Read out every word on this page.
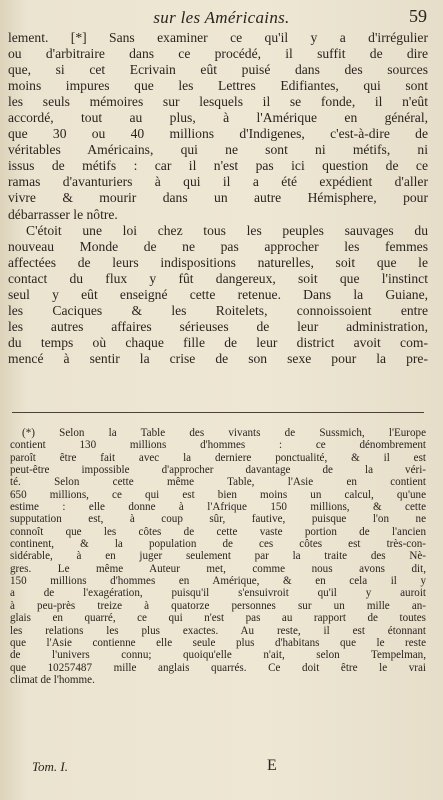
sur les Américains.	59
lement. [*] Sans examiner ce qu'il y a d'irrégulier
ou d'arbitraire dans ce procédé, il suffit de dire
que, si cet Ecrivain eût puisé dans des sources
moins impures que les Lettres Edifiantes, qui sont
les seuls mémoires sur lesquels il se fonde, il n'eût
accordé, tout au plus, à l'Amérique en général,
que 30 ou 40 millions d'Indigenes, c'est-à-dire de
véritables Américains, qui ne sont ni métifs, ni
issus de métifs : car il n'est pas ici question de ce
ramas d'avanturiers à qui il a été expédient d'aller
vivre & mourir dans un autre Hémisphere, pour
débarrasser le nôtre.
C'étoit une loi chez tous les peuples sauvages du
nouveau Monde de ne pas approcher les femmes
affectées de leurs indispositions naturelles, soit que le
contact du flux y fût dangereux, soit que l'instinct
seul y eût enseigné cette retenue. Dans la Guiane,
les Caciques & les Roitelets, connoissoient entre
les autres affaires sérieuses de leur administration,
du temps où chaque fille de leur district avoit com-
mencé à sentir la crise de son sexe pour la pre-
(*) Selon la Table des vivants de Sussmich, l'Europe
contient 130 millions d'hommes : ce dénombrement
paroît être fait avec la derniere ponctualité, & il est
peut-être impossible d'approcher davantage de la véri-
té. Selon cette même Table, l'Asie en contient
650 millions, ce qui est bien moins un calcul, qu'une
estime : elle donne à l'Afrique 150 millions, & cette
supputation est, à coup sûr, fautive, puisque l'on ne
connoît que les côtes de cette vaste portion de l'ancien
continent, & la population de ces côtes est très-con-
sidérable, à en juger seulement par la traite des Nè-
gres. Le même Auteur met, comme nous avons dit,
150 millions d'hommes en Amérique, & en cela il y
a de l'exagération, puisqu'il s'ensuivroit qu'il y auroit
à peu-près treize à quatorze personnes sur un mille an-
glais en quarré, ce qui n'est pas au rapport de toutes
les relations les plus exactes. Au reste, il est étonnant
que l'Asie contienne elle seule plus d'habitans que le reste
de l'univers connu; quoiqu'elle n'ait, selon Tempelman,
que 10257487 mille anglais quarrés. Ce doit être le vrai
climat de l'homme.
Tom. I.	E
